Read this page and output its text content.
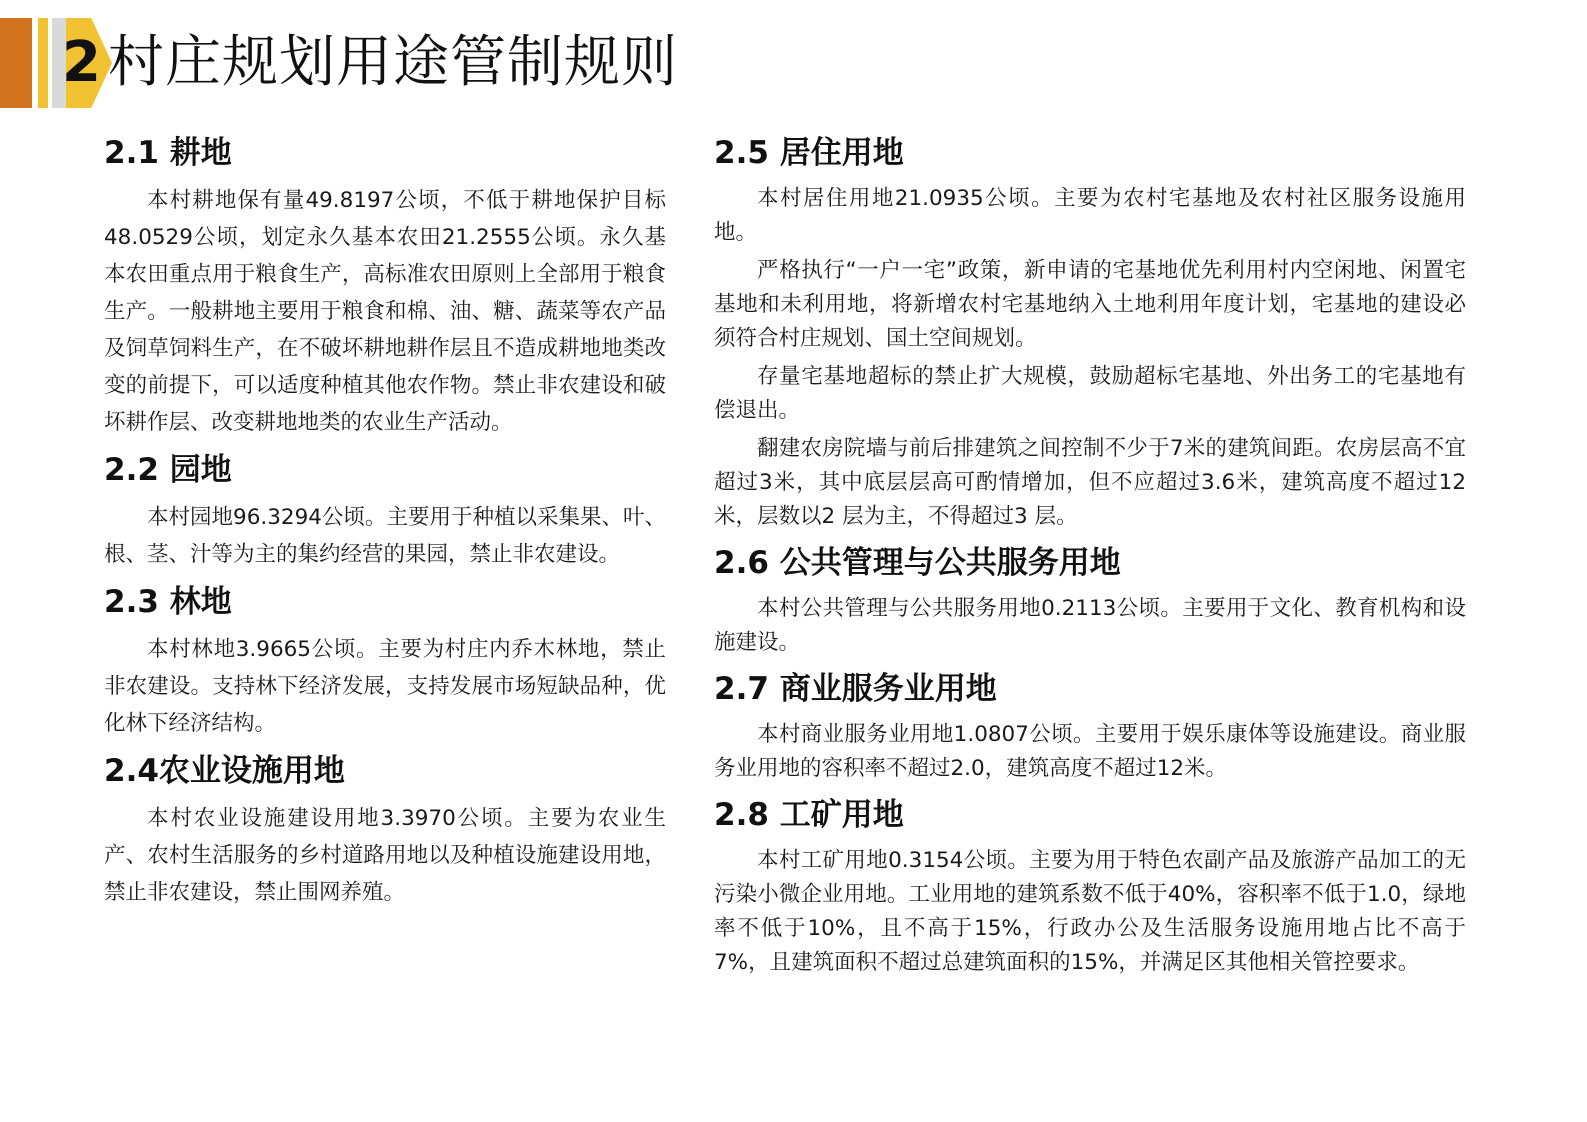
2 村庄规划用途管制规则
2.1 耕地

本村耕地保有量49.8197公顷，不低于耕地保护目标48.0529公顷，划定永久基本农田21.2555公顷。永久基本农田重点用于粮食生产，高标准农田原则上全部用于粮食生产。一般耕地主要用于粮食和棉、油、糖、蔬菜等农产品及饲草饲料生产，在不破坏耕地耕作层且不造成耕地地类改变的前提下，可以适度种植其他农作物。禁止非农建设和破坏耕作层、改变耕地地类的农业生产活动。

2.2 园地

本村园地96.3294公顷。主要用于种植以采集果、叶、根、茎、汁等为主的集约经营的果园，禁止非农建设。

2.3 林地

本村林地3.9665公顷。主要为村庄内乔木林地，禁止非农建设。支持林下经济发展，支持发展市场短缺品种，优化林下经济结构。

2.4农业设施用地

本村农业设施建设用地3.3970公顷。主要为农业生产、农村生活服务的乡村道路用地以及种植设施建设用地，禁止非农建设，禁止围网养殖。

2.5 居住用地

本村居住用地21.0935公顷。主要为农村宅基地及农村社区服务设施用地。

严格执行“一户一宅”政策，新申请的宅基地优先利用村内空闲地、闲置宅基地和未利用地，将新增农村宅基地纳入土地利用年度计划，宅基地的建设必须符合村庄规划、国土空间规划。

存量宅基地超标的禁止扩大规模，鼓励超标宅基地、外出务工的宅基地有偿退出。

翻建农房院墙与前后排建筑之间控制不少于7米的建筑间距。农房层高不宜超过3米，其中底层层高可酌情增加，但不应超过3.6米，建筑高度不超过12米，层数以2 层为主，不得超过3 层。

2.6 公共管理与公共服务用地

本村公共管理与公共服务用地0.2113公顷。主要用于文化、教育机构和设施建设。

2.7 商业服务业用地

本村商业服务业用地1.0807公顷。主要用于娱乐康体等设施建设。商业服务业用地的容积率不超过2.0，建筑高度不超过12米。

2.8 工矿用地

本村工矿用地0.3154公顷。主要为用于特色农副产品及旅游产品加工的无污染小微企业用地。工业用地的建筑系数不低于40%，容积率不低于1.0，绿地率不低于10%，且不高于15%，行政办公及生活服务设施用地占比不高于7%，且建筑面积不超过总建筑面积的15%，并满足区其他相关管控要求。
